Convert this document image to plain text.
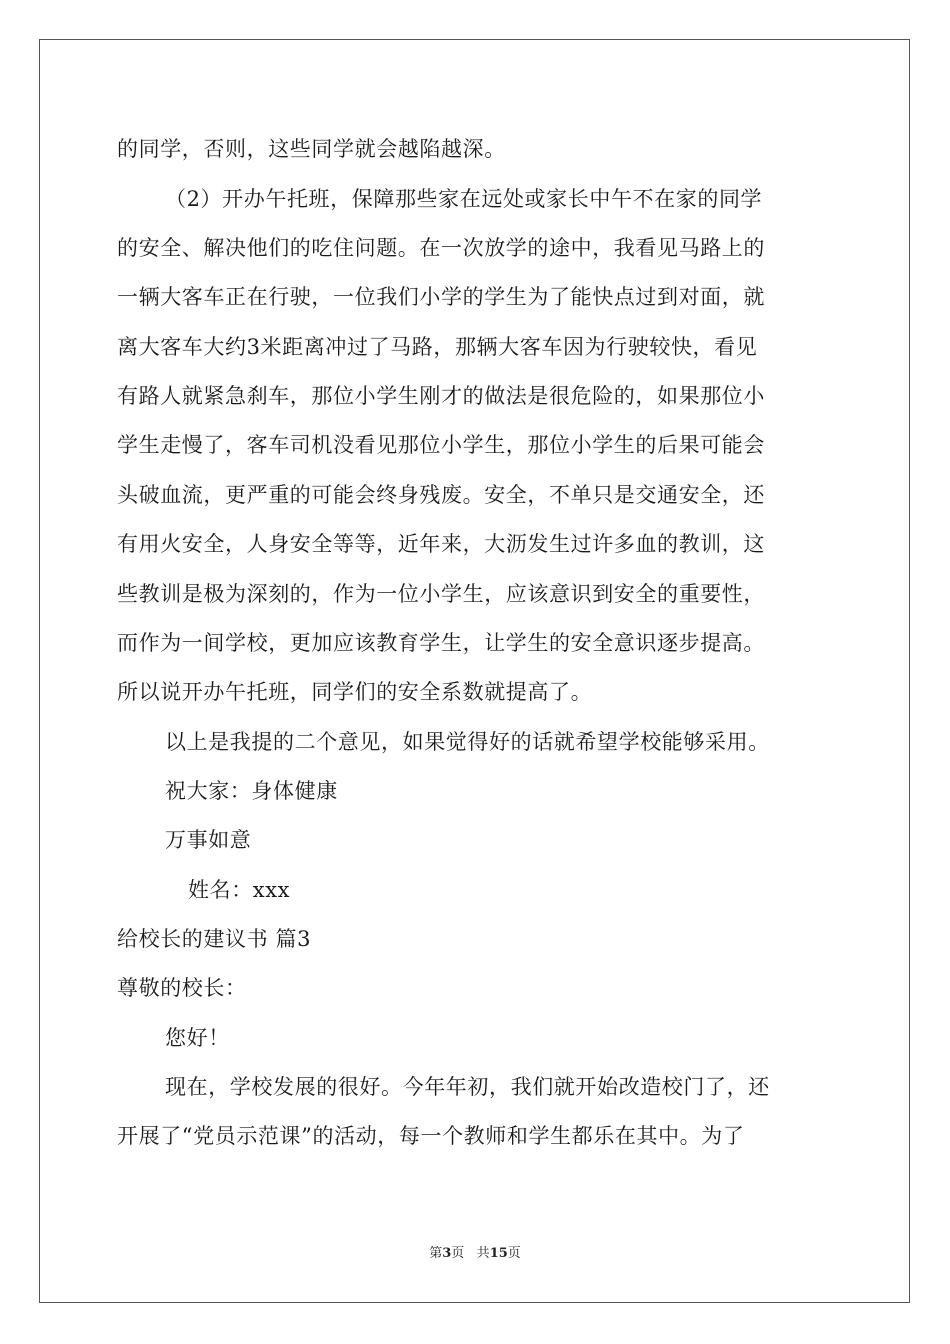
的同学，否则，这些同学就会越陷越深。
（2）开办午托班，保障那些家在远处或家长中午不在家的同学
的安全、解决他们的吃住问题。在一次放学的途中，我看见马路上的
一辆大客车正在行驶，一位我们小学的学生为了能快点过到对面，就
离大客车大约3米距离冲过了马路，那辆大客车因为行驶较快，看见
有路人就紧急刹车，那位小学生刚才的做法是很危险的，如果那位小
学生走慢了，客车司机没看见那位小学生，那位小学生的后果可能会
头破血流，更严重的可能会终身残废。安全，不单只是交通安全，还
有用火安全，人身安全等等，近年来，大沥发生过许多血的教训，这
些教训是极为深刻的，作为一位小学生，应该意识到安全的重要性，
而作为一间学校，更加应该教育学生，让学生的安全意识逐步提高。
所以说开办午托班，同学们的安全系数就提高了。
以上是我提的二个意见，如果觉得好的话就希望学校能够采用。
祝大家：身体健康
万事如意
姓名：xxx
给校长的建议书 篇3
尊敬的校长：
您好！
现在，学校发展的很好。今年年初，我们就开始改造校门了，还
开展了“党员示范课”的活动，每一个教师和学生都乐在其中。为了
第3页 共15页
